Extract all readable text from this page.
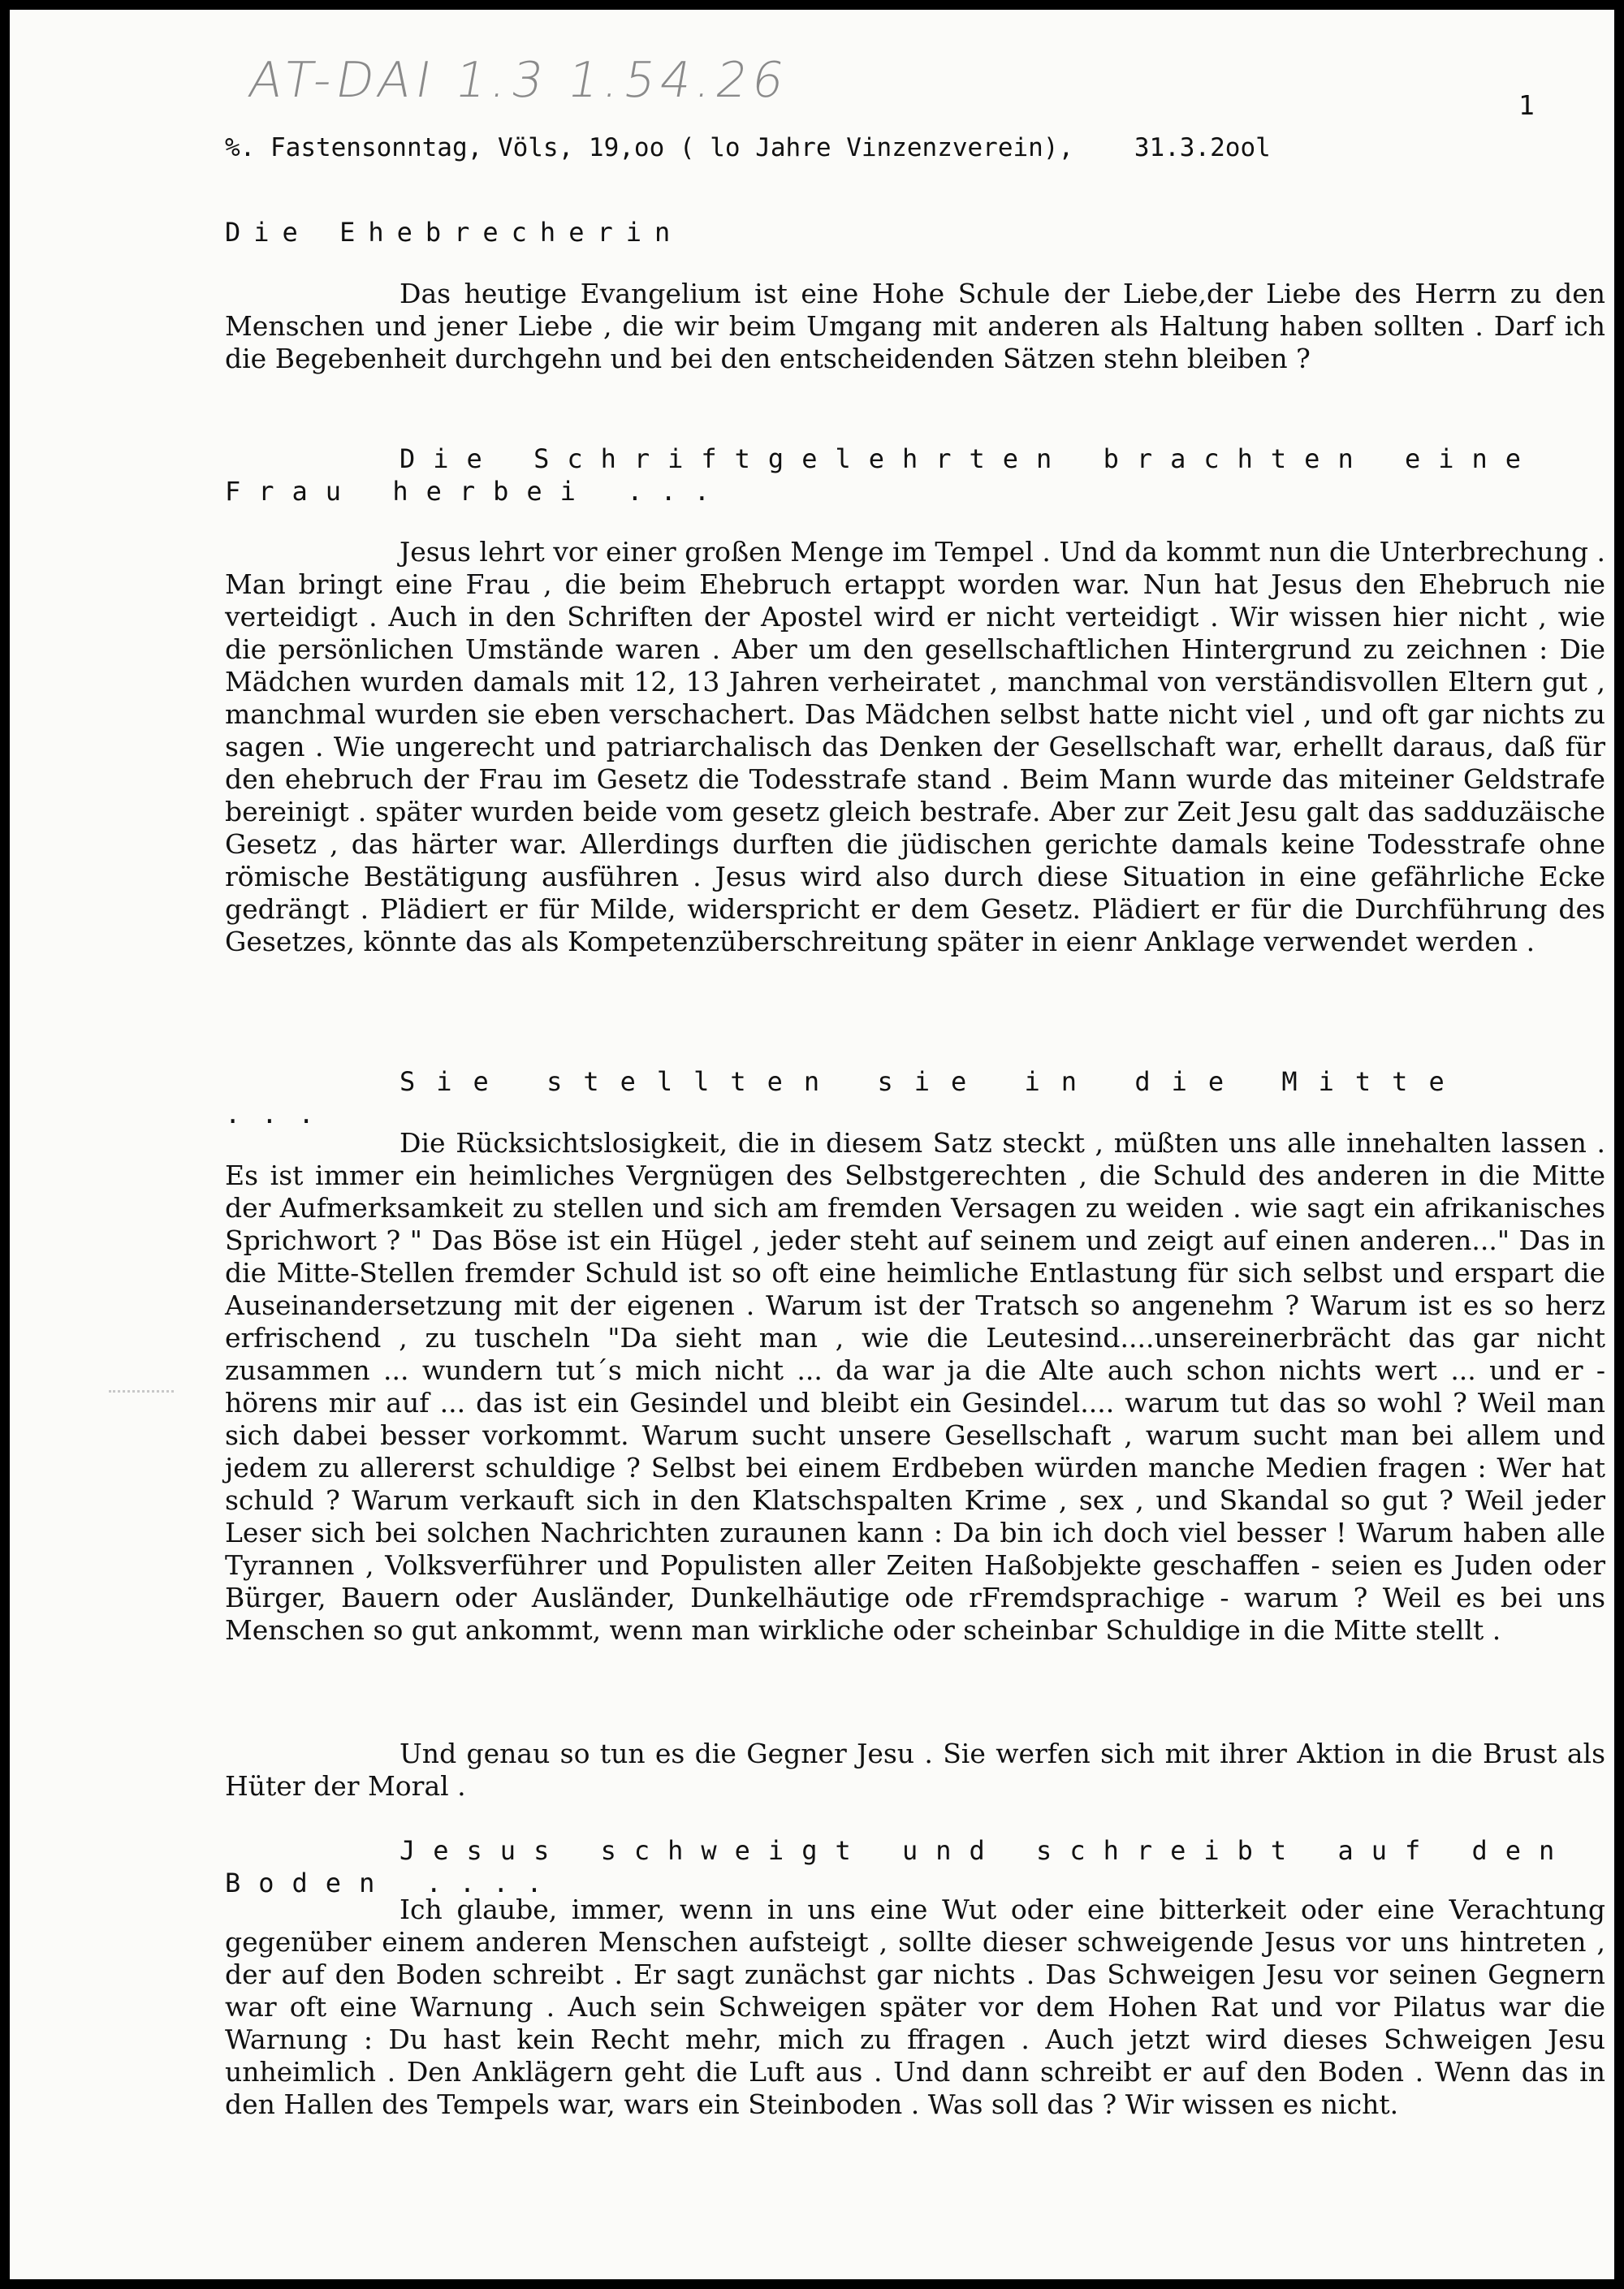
AT-DAI 1.3 1.54.26	1
%. Fastensonntag, Völs, 19,oo ( lo Jahre Vinzenzverein),    31.3.2ool
Die Ehebrecherin

Das heutige Evangelium ist eine Hohe Schule der Liebe,der Liebe des Herrn zu den Menschen und jener Liebe , die wir beim Umgang mit anderen als Haltung haben sollten . Darf ich die Begebenheit durchgehn und bei den entscheidenden Sätzen stehn bleiben ?

Die Schriftgelehrten brachten eine Frau herbei ...

Jesus lehrt vor einer großen Menge im Tempel . Und da kommt nun die Unterbrechung . Man bringt eine Frau , die beim Ehebruch ertappt worden war. Nun hat Jesus den Ehebruch nie verteidigt . Auch in den Schriften der Apostel wird er nicht verteidigt . Wir wissen hier nicht , wie die persönlichen Umstände waren . Aber um den gesellschaftlichen Hintergrund zu zeichnen : Die Mädchen wurden damals mit 12, 13 Jahren verheiratet , manchmal von verständisvollen Eltern gut , manchmal wurden sie eben verschachert. Das Mädchen selbst hatte nicht viel , und oft gar nichts zu sagen . Wie ungerecht und patriarchalisch das Denken der Gesellschaft war, erhellt daraus, daß für den ehebruch der Frau im Gesetz die Todesstrafe stand . Beim Mann wurde das miteiner Geldstrafe bereinigt . später wurden beide vom gesetz gleich bestrafe. Aber zur Zeit Jesu galt das sadduzäische Gesetz , das härter war. Allerdings durften die jüdischen gerichte damals keine Todesstrafe ohne römische Bestätigung ausführen . Jesus wird also durch diese Situation in eine gefährliche Ecke gedrängt . Plädiert er für Milde, widerspricht er dem Gesetz. Plädiert er für die Durchführung des Gesetzes, könnte das als Kompetenzüberschreitung später in eienr Anklage verwendet werden .

Sie stellten sie in die Mitte ...

Die Rücksichtslosigkeit, die in diesem Satz steckt , müßten uns alle innehalten lassen . Es ist immer ein heimliches Vergnügen des Selbstgerechten , die Schuld des anderen in die Mitte der Aufmerksamkeit zu stellen und sich am fremden Versagen zu weiden . wie sagt ein afrikanisches Sprichwort ? " Das Böse ist ein Hügel , jeder steht auf seinem und zeigt auf einen anderen..." Das in die Mitte-Stellen fremder Schuld ist so oft eine heimliche Entlastung für sich selbst und erspart die Auseinandersetzung mit der eigenen . Warum ist der Tratsch so angenehm ? Warum ist es so herz erfrischend , zu tuscheln "Da sieht man , wie die Leutesind....unsereinerbrächt das gar nicht zusammen ... wundern tut´s mich nicht ... da war ja die Alte auch schon nichts wert ... und er - hörens mir auf ... das ist ein Gesindel und bleibt ein Gesindel.... warum tut das so wohl ? Weil man sich dabei besser vorkommt. Warum sucht unsere Gesellschaft , warum sucht man bei allem und jedem zu allererst schuldige ? Selbst bei einem Erdbeben würden manche Medien fragen : Wer hat schuld ? Warum verkauft sich in den Klatschspalten Krime , sex , und Skandal so gut ? Weil jeder Leser sich bei solchen Nachrichten zuraunen kann : Da bin ich doch viel besser ! Warum haben alle Tyrannen , Volksverführer und Populisten aller Zeiten Haßobjekte geschaffen - seien es Juden oder Bürger, Bauern oder Ausländer, Dunkelhäutige ode rFremdsprachige - warum ? Weil es bei uns Menschen so gut ankommt, wenn man wirkliche oder scheinbar Schuldige in die Mitte stellt .

Und genau so tun es die Gegner Jesu . Sie werfen sich mit ihrer Aktion in die Brust als Hüter der Moral .

Jesus schweigt und schreibt auf den Boden ....

Ich glaube, immer, wenn in uns eine Wut oder eine bitterkeit oder eine Verachtung gegenüber einem anderen Menschen aufsteigt , sollte dieser schweigende Jesus vor uns hintreten , der auf den Boden schreibt . Er sagt zunächst gar nichts . Das Schweigen Jesu vor seinen Gegnern war oft eine Warnung . Auch sein Schweigen später vor dem Hohen Rat und vor Pilatus war die Warnung : Du hast kein Recht mehr, mich zu ffragen . Auch jetzt wird dieses Schweigen Jesu unheimlich . Den Anklägern geht die Luft aus . Und dann schreibt er auf den Boden . Wenn das in den Hallen des Tempels war, wars ein Steinboden . Was soll das ? Wir wissen es nicht.
